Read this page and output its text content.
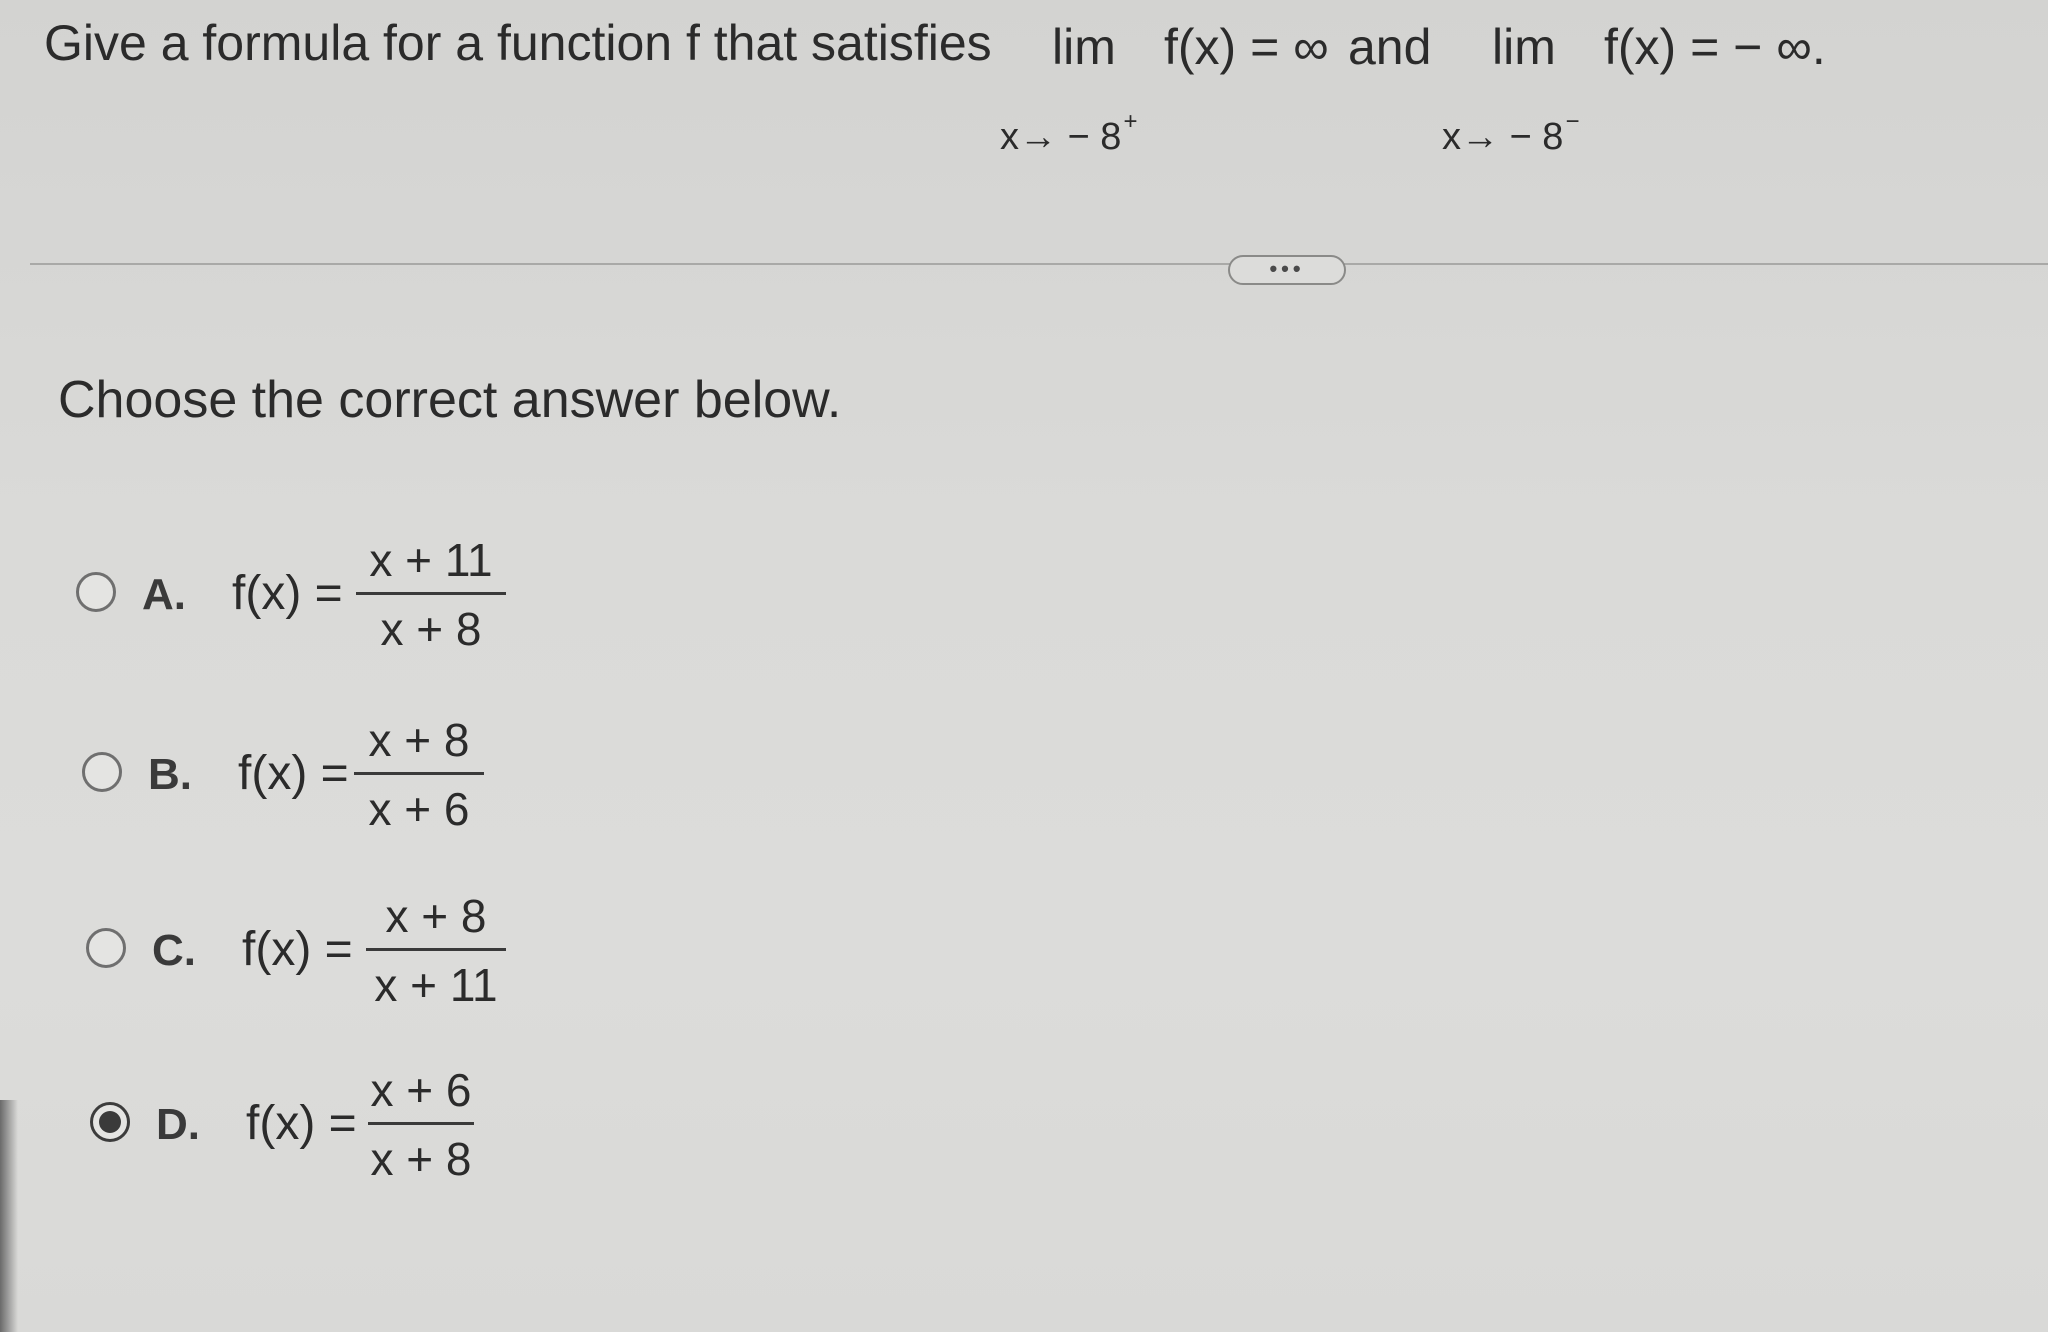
Give a formula for a function f that satisfies lim f(x) = ∞
x→ − 8+
and lim f(x) = − ∞.
x→ − 8−
•••
Choose the correct answer below.
A. f(x) =
x + 11
x + 8
B. f(x) =
x + 8
x + 6
C. f(x) =
x + 8
x + 11
D. f(x) =
x + 6
x + 8
